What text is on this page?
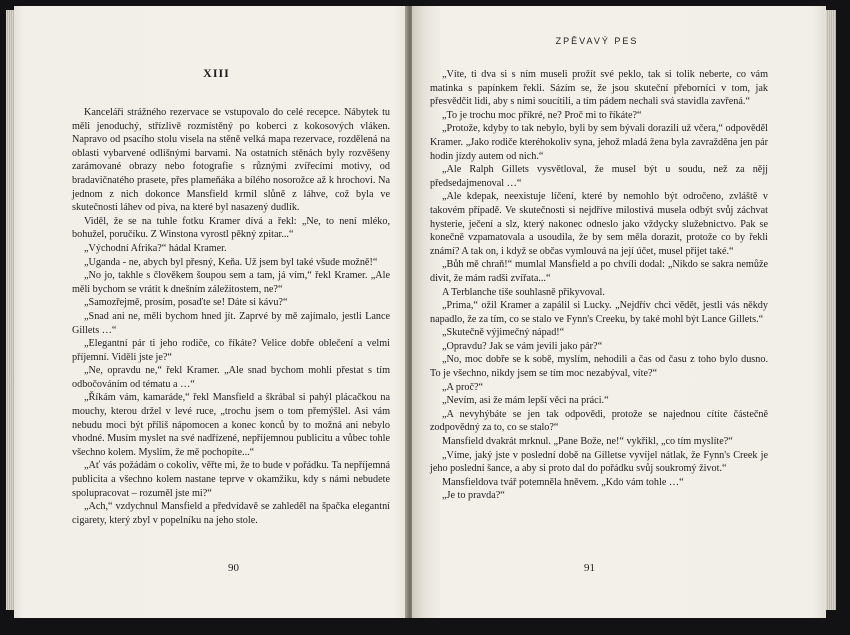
XIII

Kanceláři strážného rezervace se vstupovalo do celé recepce. Nábytek tu měli jenoduchý, střízlivě rozmístěný po koberci z kokosových vláken. Napravo od psacího stolu visela na stěně velká mapa rezervace, rozdělená na oblasti vybarvené odlišnými barvami. Na ostatních stěnách byly rozvěšeny zarámované obrazy nebo fotografie s různými zvířecími motivy, od bradavičnatého prasete, přes plameňáka a bílého nosorožce až k hrochovi. Na jednom z nich dokonce Mansfield krmil slůně z láhve, což byla ve skutečnosti láhev od piva, na které byl nasazený dudlík.

Viděl, že se na tuhle fotku Kramer dívá a řekl: „Ne, to není mléko, bohužel, poručíku. Z Winstona vyrostl pěkný zpitar...“

„Východní Afrika?“ hádal Kramer.

„Uganda - ne, abych byl přesný, Keňa. Už jsem byl také všude možně!“

„No jo, takhle s člověkem šoupou sem a tam, já vím,“ řekl Kramer. „Ale měli bychom se vrátit k dnešním záležitostem, ne?“

„Samozřejmě, prosím, posaďte se! Dáte si kávu?“

„Snad ani ne, měli bychom hned jít. Zaprvé by mě zajímalo, jestli Lance Gillets …“

„Elegantní pár ti jeho rodiče, co říkáte? Velice dobře oblečení a velmi příjemní. Viděli jste je?“

„Ne, opravdu ne,“ řekl Kramer. „Ale snad bychom mohli přestat s tím odbočováním od tématu a …“

„Říkám vám, kamaráde,“ řekl Mansfield a škrábal si pahýl plácačkou na mouchy, kterou držel v levé ruce, „trochu jsem o tom přemýšlel. Asi vám nebudu moci být příliš nápomocen a konec konců by to možná ani nebylo vhodné. Musím myslet na své nadřízené, nepříjemnou publicitu a vůbec tohle všechno kolem. Myslím, že mě pochopíte...“

„Ať vás požádám o cokoliv, věřte mi, že to bude v pořádku. Ta nepříjemná publicita a všechno kolem nastane teprve v okamžiku, kdy s námi nebudete spolupracovat – rozuměl jste mi?“

„Ach,“ vzdychnul Mansfield a předvídavě se zahleděl na špačka elegantní cigarety, který zbyl v popelníku na jeho stole.

90
ZPĚVAVÝ PES

„Víte, ti dva si s ním museli prožít své peklo, tak si tolik neberte, co vám matinka s papínkem řekli. Sázím se, že jsou skuteční přeborníci v tom, jak přesvědčit lidi, aby s nimi soucítili, a tím pádem nechali svá stavidla zavřená.“

„To je trochu moc příkré, ne? Proč mi to říkáte?“

„Protože, kdyby to tak nebylo, byli by sem bývali dorazili už včera,“ odpověděl Kramer. „Jako rodiče kteréhokoliv syna, jehož mladá žena byla zavražděna jen pár hodin jízdy autem od nich.“

„Ale Ralph Gillets vysvětloval, že musel být u soudu, než za nějj předsedajmenoval …“

„Ale kdepak, neexistuje líčení, které by nemohlo být odročeno, zvláště v takovém případě. Ve skutečnosti si nejdříve milostivá musela odbýt svůj záchvat hysterie, ječení a slz, který nakonec odneslo jako vždycky služebnictvo. Pak se konečně vzpamatovala a usoudila, že by sem měla dorazit, protože co by řekli známí? A tak on, i když se občas vymlouvá na její účet, musel přijet také.“

„Bůh mě chraň!“ mumlal Mansfield a po chvíli dodal: „Nikdo se sakra nemůže divit, že mám radši zvířata...“

A Terblanche tiše souhlasně přikyvoval.

„Prima,“ ožil Kramer a zapálil si Lucky. „Nejdřív chci vědět, jestli vás někdy napadlo, že za tím, co se stalo ve Fynn's Creeku, by také mohl být Lance Gillets.“

„Skutečně výjimečný nápad!“

„Opravdu? Jak se vám jevili jako pár?“

„No, moc dobře se k sobě, myslím, nehodili a čas od času z toho bylo dusno. To je všechno, nikdy jsem se tím moc nezabýval, víte?“

„A proč?“

„Nevím, asi že mám lepší věci na práci.“

„A nevyhýbáte se jen tak odpovědi, protože se najednou cítíte částečně zodpovědný za to, co se stalo?“

Mansfield dvakrát mrknul. „Pane Bože, ne!“ vykřikl, „co tím myslíte?“

„Víme, jaký jste v poslední době na Gilletse vyvíjel nátlak, že Fynn's Creek je jeho poslední šance, a aby si proto dal do pořádku svůj soukromý život.“

Mansfieldova tvář potemněla hněvem. „Kdo vám tohle …“

„Je to pravda?“

91
